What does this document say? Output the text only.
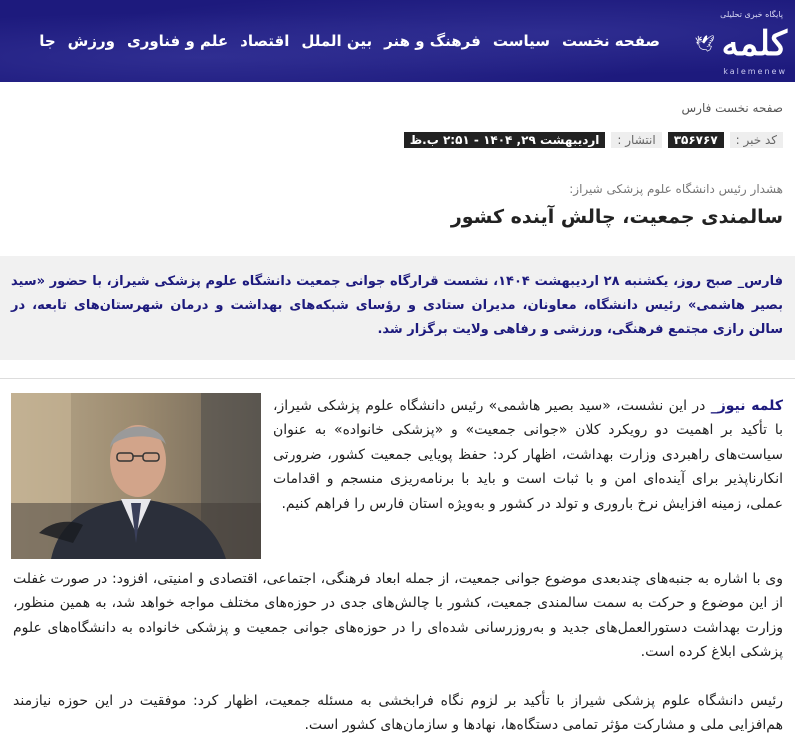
پایگاه خبری تحلیلی
🕊 کلمه
kalemenew
صفحه نخست
سیاست
فرهنگ و هنر
بین الملل
اقتصاد
علم و فناوری
ورزش
جا
صفحه نخست فارس
کد خبر :
۳۵۶۷۶۷
انتشار :
اردیبهشت ۲۹, ۱۴۰۴ - ۲:۵۱ ب.ظ
هشدار رئیس دانشگاه علوم پزشکی شیراز:
سالمندی جمعیت، چالش آینده کشور

فارس_ صبح روز، یکشنبه ۲۸ اردیبهشت ۱۴۰۴، نشست قرارگاه جوانی جمعیت دانشگاه علوم پزشکی شیراز، با حضور «سید بصیر هاشمی» رئیس دانشگاه، معاونان، مدیران ستادی و رؤسای شبکه‌های بهداشت و درمان شهرستان‌های تابعه، در سالن رازی مجتمع فرهنگی، ورزشی و رفاهی ولایت برگزار شد.

کلمه نیوز_ در این نشست، «سید بصیر هاشمی» رئیس دانشگاه علوم پزشکی شیراز، با تأکید بر اهمیت دو رویکرد کلان «جوانی جمعیت» و «پزشکی خانواده» به عنوان سیاست‌های راهبردی وزارت بهداشت، اظهار کرد: حفظ پویایی جمعیت کشور، ضرورتی انکارناپذیر برای آینده‌ای امن و با ثبات است و باید با برنامه‌ریزی منسجم و اقدامات عملی، زمینه افزایش نرخ باروری و تولد در کشور و به‌ویژه استان فارس را فراهم کنیم.

وی با اشاره به جنبه‌های چندبعدی موضوع جوانی جمعیت، از جمله ابعاد فرهنگی، اجتماعی، اقتصادی و امنیتی، افزود: در صورت غفلت از این موضوع و حرکت به سمت سالمندی جمعیت، کشور با چالش‌های جدی در حوزه‌های مختلف مواجه خواهد شد، به همین منظور، وزارت بهداشت دستورالعمل‌های جدید و به‌روزرسانی شده‌ای را در حوزه‌های جوانی جمعیت و پزشکی خانواده به دانشگاه‌های علوم پزشکی ابلاغ کرده است.

رئیس دانشگاه علوم پزشکی شیراز با تأکید بر لزوم نگاه فرابخشی به مسئله جمعیت، اظهار کرد: موفقیت در این حوزه نیازمند هم‌افزایی ملی و مشارکت مؤثر تمامی دستگاه‌ها، نهادها و سازمان‌های کشور است.
